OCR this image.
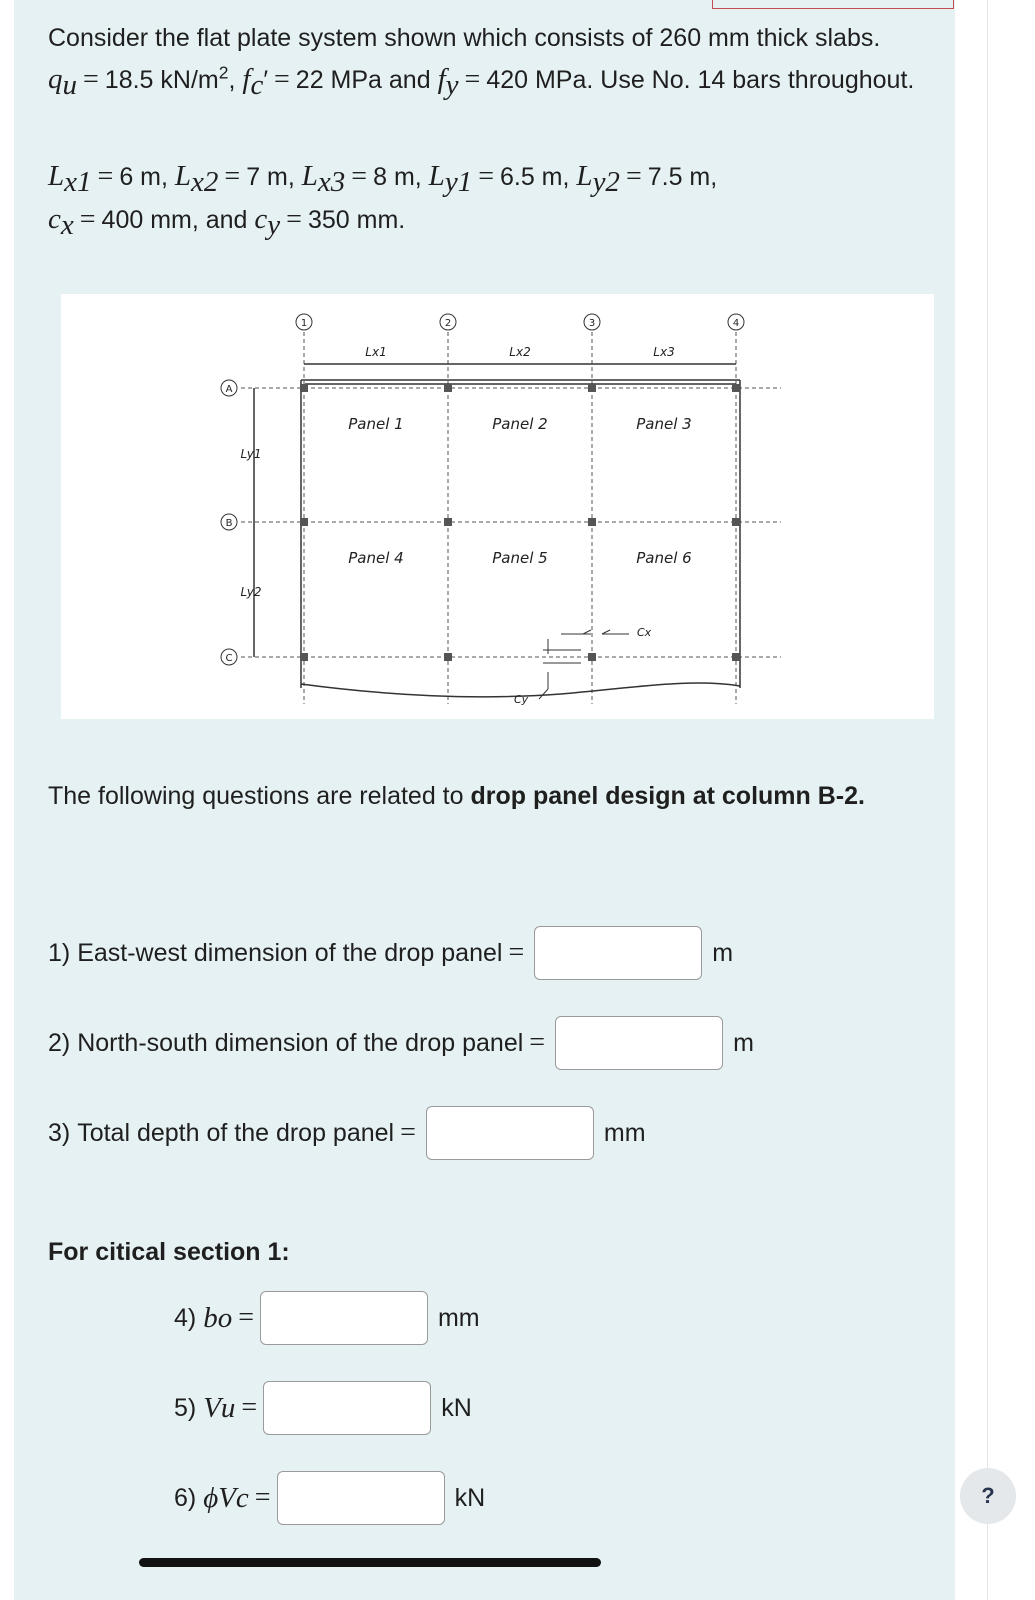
Consider the flat plate system shown which consists of 260 mm thick slabs. $q_u = 18.5$ $kN/m^2$, $f_c' = 22$ MPa and $f_y = 420$ MPa. Use No. 14 bars throughout.
$L_{x1} = 6$ m, $L_{x2} = 7$ m, $L_{x3} = 8$ m, $L_{y1} = 6.5$ m, $L_{y2} = 7.5$ m,
$c_x = 400$ mm, and $c_y = 350$ mm.
1	2	3	4
A
B
C
Lx1	Lx2	Lx3
Ly1
Ly2
Panel 1	Panel 2	Panel 3
Panel 4	Panel 5	Panel 6
Cx
Cy
The following questions are related to drop panel design at column B-2.
1)
East-west dimension of the drop panel =	m
2)
North-south dimension of the drop panel =	m
3)
Total depth of the drop panel =	mm
For citical section 1:
4)
b o =	mm
5)
V u =	kN
6)
ϕV c =	kN	?
